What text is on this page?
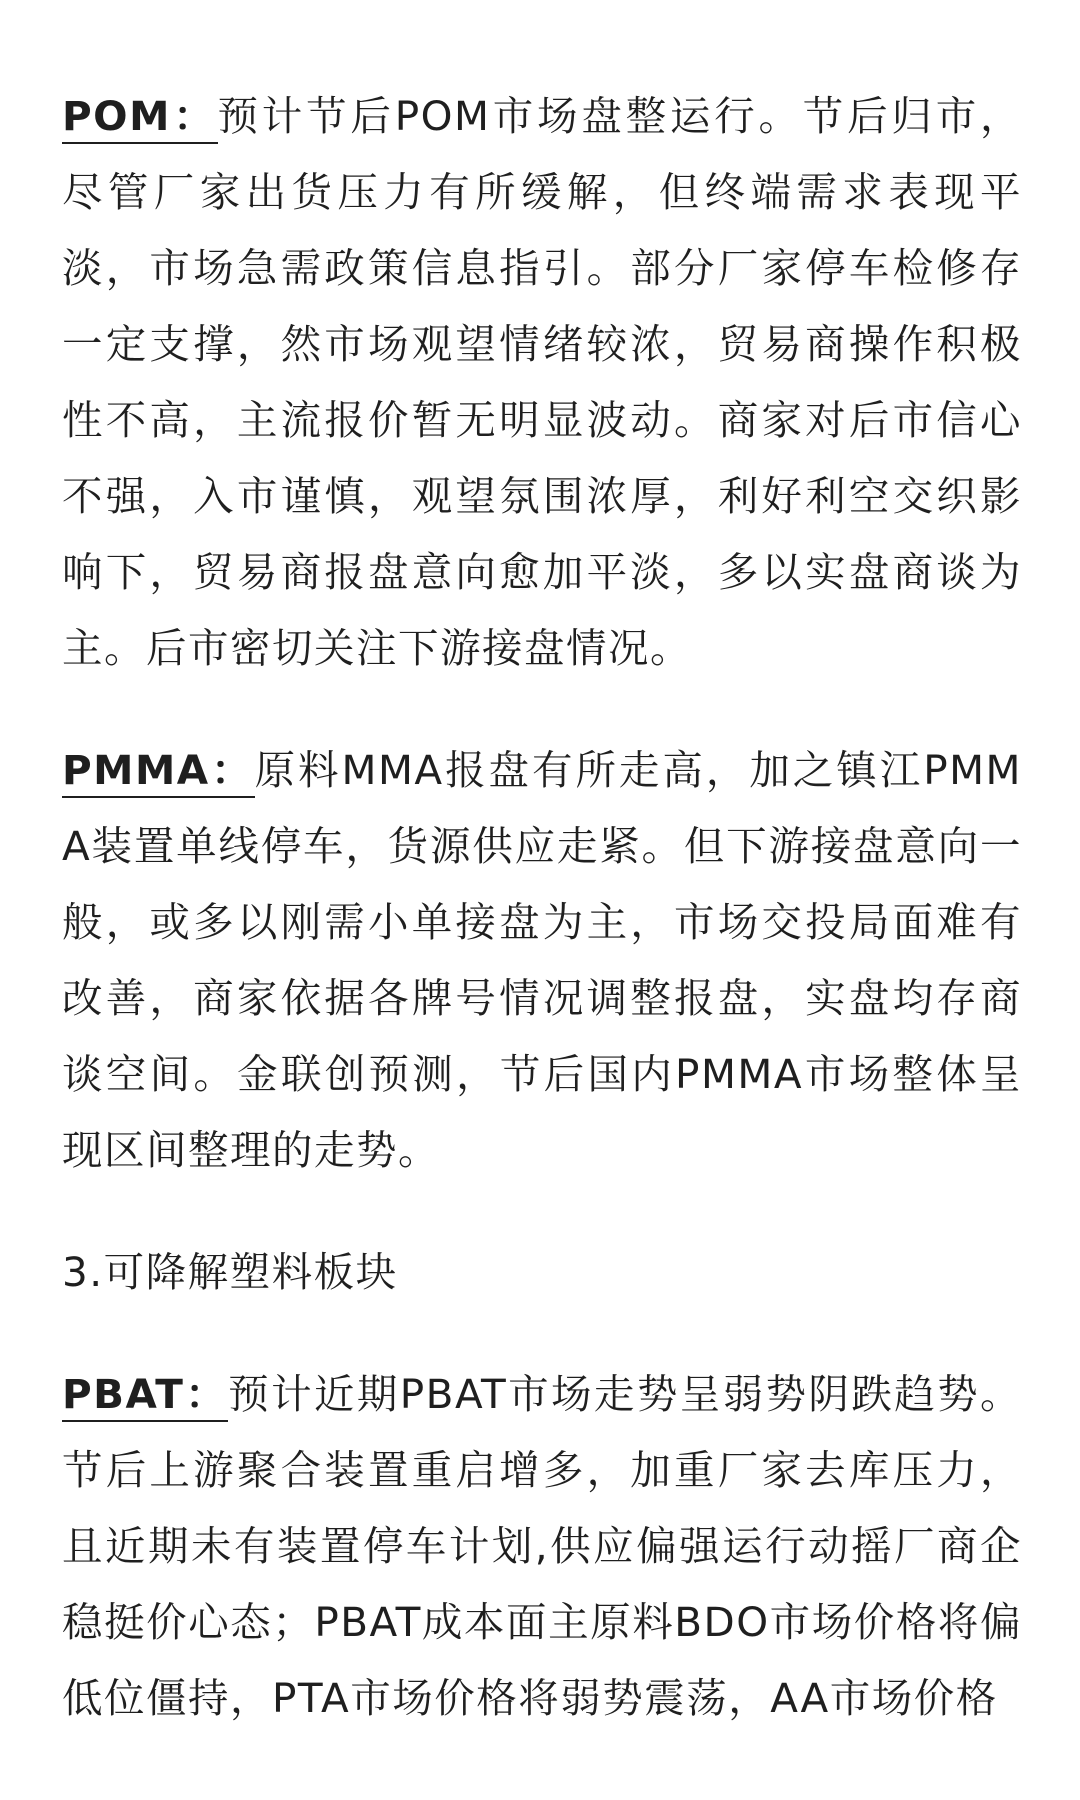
POM：预计节后POM市场盘整运行。节后归市，尽管厂家出货压力有所缓解，但终端需求表现平淡，市场急需政策信息指引。部分厂家停车检修存一定支撑，然市场观望情绪较浓，贸易商操作积极性不高，主流报价暂无明显波动。商家对后市信心不强，入市谨慎，观望氛围浓厚，利好利空交织影响下，贸易商报盘意向愈加平淡，多以实盘商谈为主。后市密切关注下游接盘情况。

PMMA：原料MMA报盘有所走高，加之镇江PMMA装置单线停车，货源供应走紧。但下游接盘意向一般，或多以刚需小单接盘为主，市场交投局面难有改善，商家依据各牌号情况调整报盘，实盘均存商谈空间。金联创预测，节后国内PMMA市场整体呈现区间整理的走势。

3.可降解塑料板块

PBAT：预计近期PBAT市场走势呈弱势阴跌趋势。节后上游聚合装置重启增多，加重厂家去库压力，且近期未有装置停车计划,供应偏强运行动摇厂商企稳挺价心态；PBAT成本面主原料BDO市场价格将偏低位僵持，PTA市场价格将弱势震荡，AA市场价格
